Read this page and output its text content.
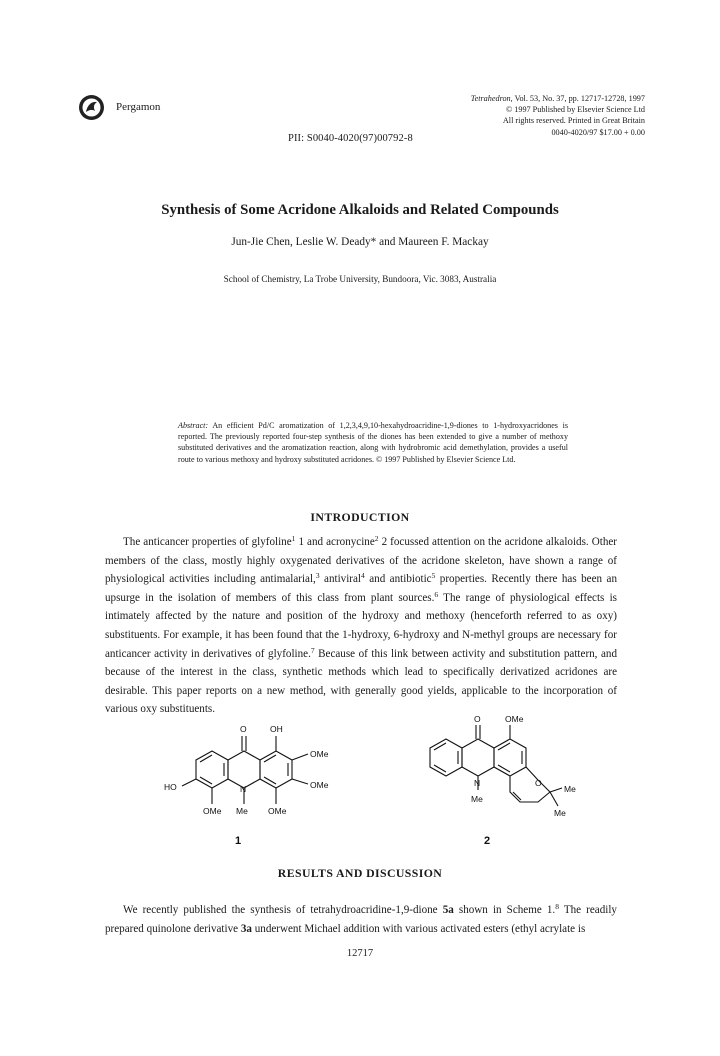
Pergamon
Tetrahedron, Vol. 53, No. 37, pp. 12717-12728, 1997
© 1997 Published by Elsevier Science Ltd
All rights reserved. Printed in Great Britain
0040-4020/97 $17.00 + 0.00
PII: S0040-4020(97)00792-8
Synthesis of Some Acridone Alkaloids and Related Compounds
Jun-Jie Chen, Leslie W. Deady* and Maureen F. Mackay
School of Chemistry, La Trobe University, Bundoora, Vic. 3083, Australia
Abstract: An efficient Pd/C aromatization of 1,2,3,4,9,10-hexahydroacridine-1,9-diones to 1-hydroxyacridones is reported. The previously reported four-step synthesis of the diones has been extended to give a number of methoxy substituted derivatives and the aromatization reaction, along with hydrobromic acid demethylation, provides a useful route to various methoxy and hydroxy substituted acridones. © 1997 Published by Elsevier Science Ltd.
INTRODUCTION

The anticancer properties of glyfoline$^1$ 1 and acronycine$^2$ 2 focussed attention on the acridone alkaloids. Other members of the class, mostly highly oxygenated derivatives of the acridone skeleton, have shown a range of physiological activities including antimalarial,$^3$ antiviral$^4$ and antibiotic$^5$ properties. Recently there has been an upsurge in the isolation of members of this class from plant sources.$^6$ The range of physiological effects is intimately affected by the nature and position of the hydroxy and methoxy (henceforth referred to as oxy) substituents. For example, it has been found that the 1-hydroxy, 6-hydroxy and N-methyl groups are necessary for anticancer activity in derivatives of glyfoline.$^7$ Because of this link between activity and substitution pattern, and because of the interest in the class, synthetic methods which lead to specifically derivatized acridones are desirable. This paper reports on a new method, with generally good yields, applicable to the incorporation of various oxy substituents.

O	OH
OMe
OMe
HO	N
OMe Me OMe
1
O	OMe
N
Me
O
Me
Me
2
RESULTS AND DISCUSSION

We recently published the synthesis of tetrahydroacridine-1,9-dione 5a shown in Scheme 1.$^8$ The readily prepared quinolone derivative 3a underwent Michael addition with various activated esters (ethyl acrylate is

12717
